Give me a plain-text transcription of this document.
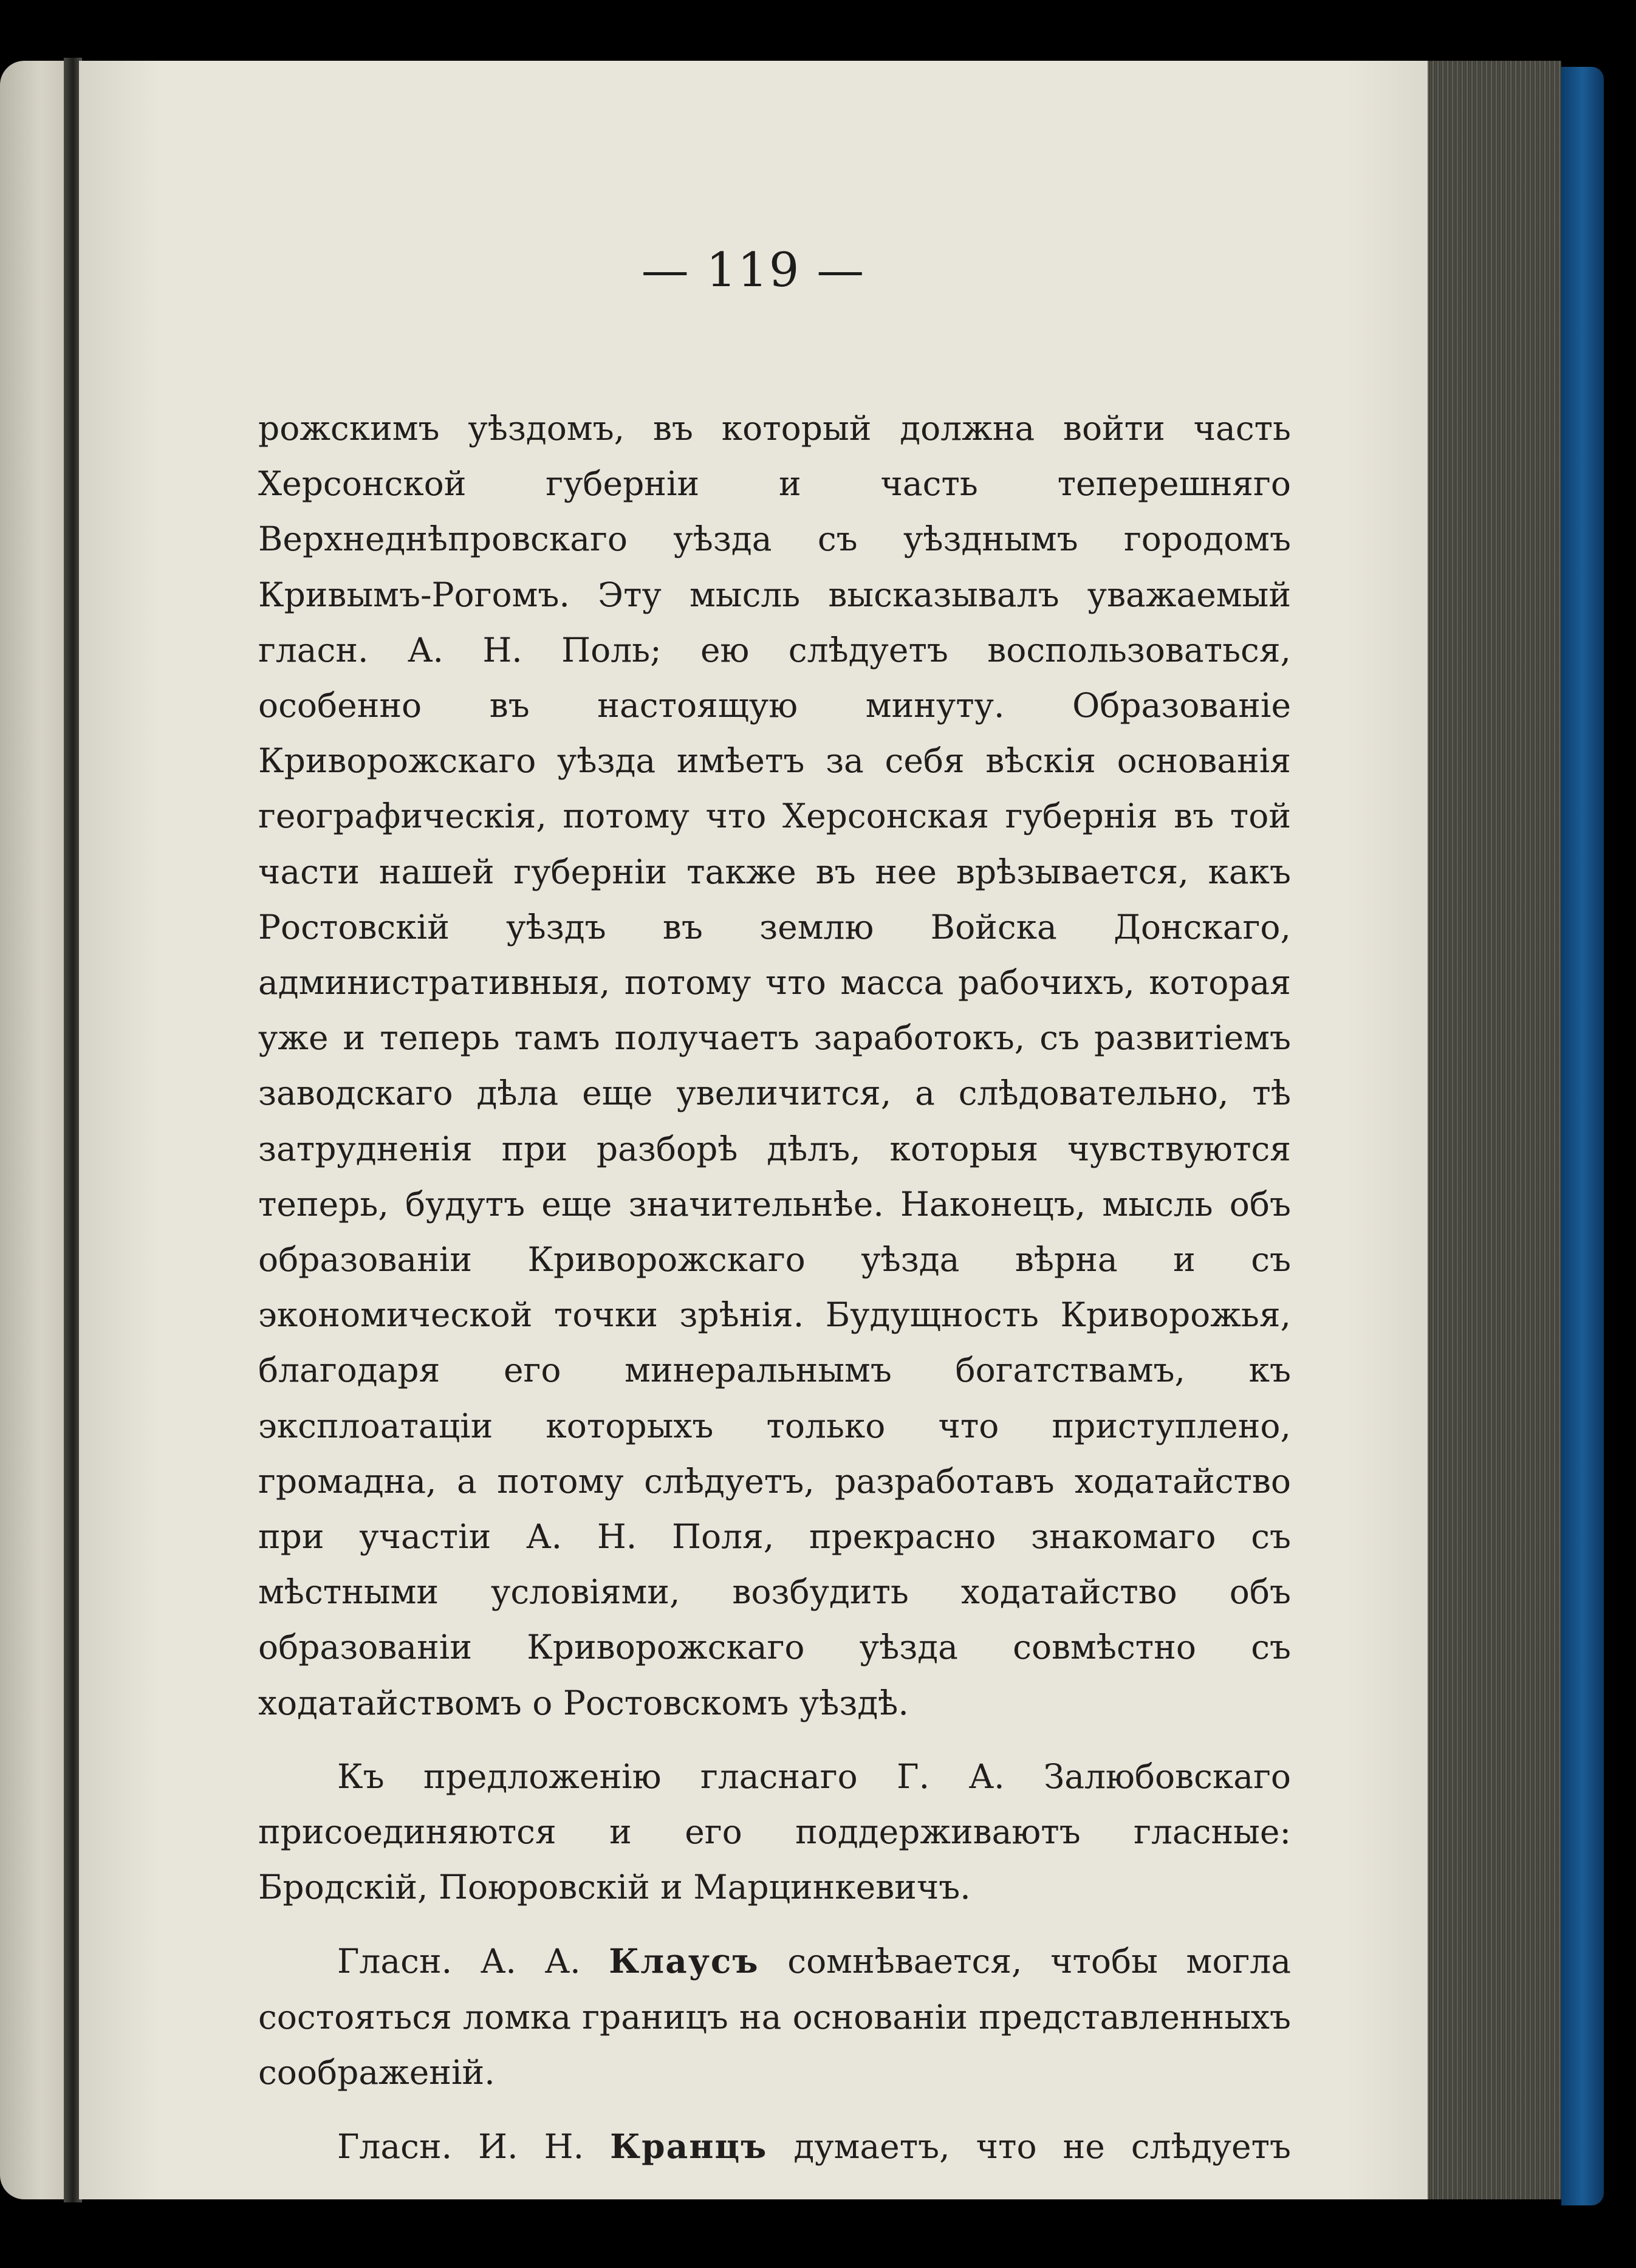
— 119 —

рожскимъ уѣздомъ, въ который должна войти часть Херсонской губерніи и часть теперешняго Верхнеднѣпровскаго уѣзда съ уѣзднымъ городомъ Кривымъ-Рогомъ. Эту мысль высказывалъ уважаемый гласн. А. Н. Поль; ею слѣдуетъ воспользоваться, особенно въ настоящую минуту. Образованіе Криворожскаго уѣзда имѣетъ за себя вѣскія основанія географическія, потому что Херсонская губернія въ той части нашей губерніи также въ нее врѣзывается, какъ Ростовскій уѣздъ въ землю Войска Донскаго, административныя, потому что масса рабочихъ, которая уже и теперь тамъ получаетъ заработокъ, съ развитіемъ заводскаго дѣла еще увеличится, а слѣдовательно, тѣ затрудненія при разборѣ дѣлъ, которыя чувствуются теперь, будутъ еще значительнѣе. Наконецъ, мысль объ образованіи Криворожскаго уѣзда вѣрна и съ экономической точки зрѣнія. Будущность Криворожья, благодаря его минеральнымъ богатствамъ, къ эксплоатаціи которыхъ только что приступлено, громадна, а потому слѣдуетъ, разработавъ ходатайство при участіи А. Н. Поля, прекрасно знакомаго съ мѣстными условіями, возбудить ходатайство объ образованіи Криворожскаго уѣзда совмѣстно съ ходатайствомъ о Ростовскомъ уѣздѣ.

Къ предложенію гласнаго Г. А. Залюбовскаго присоединяются и его поддерживаютъ гласные: Бродскій, Поюровскій и Марцинкевичъ.

Гласн. А. А. Клаусъ сомнѣвается, чтобы могла состояться ломка границъ на основаніи представленныхъ соображеній.

Гласн. И. Н. Кранцъ думаетъ, что не слѣдуетъ
